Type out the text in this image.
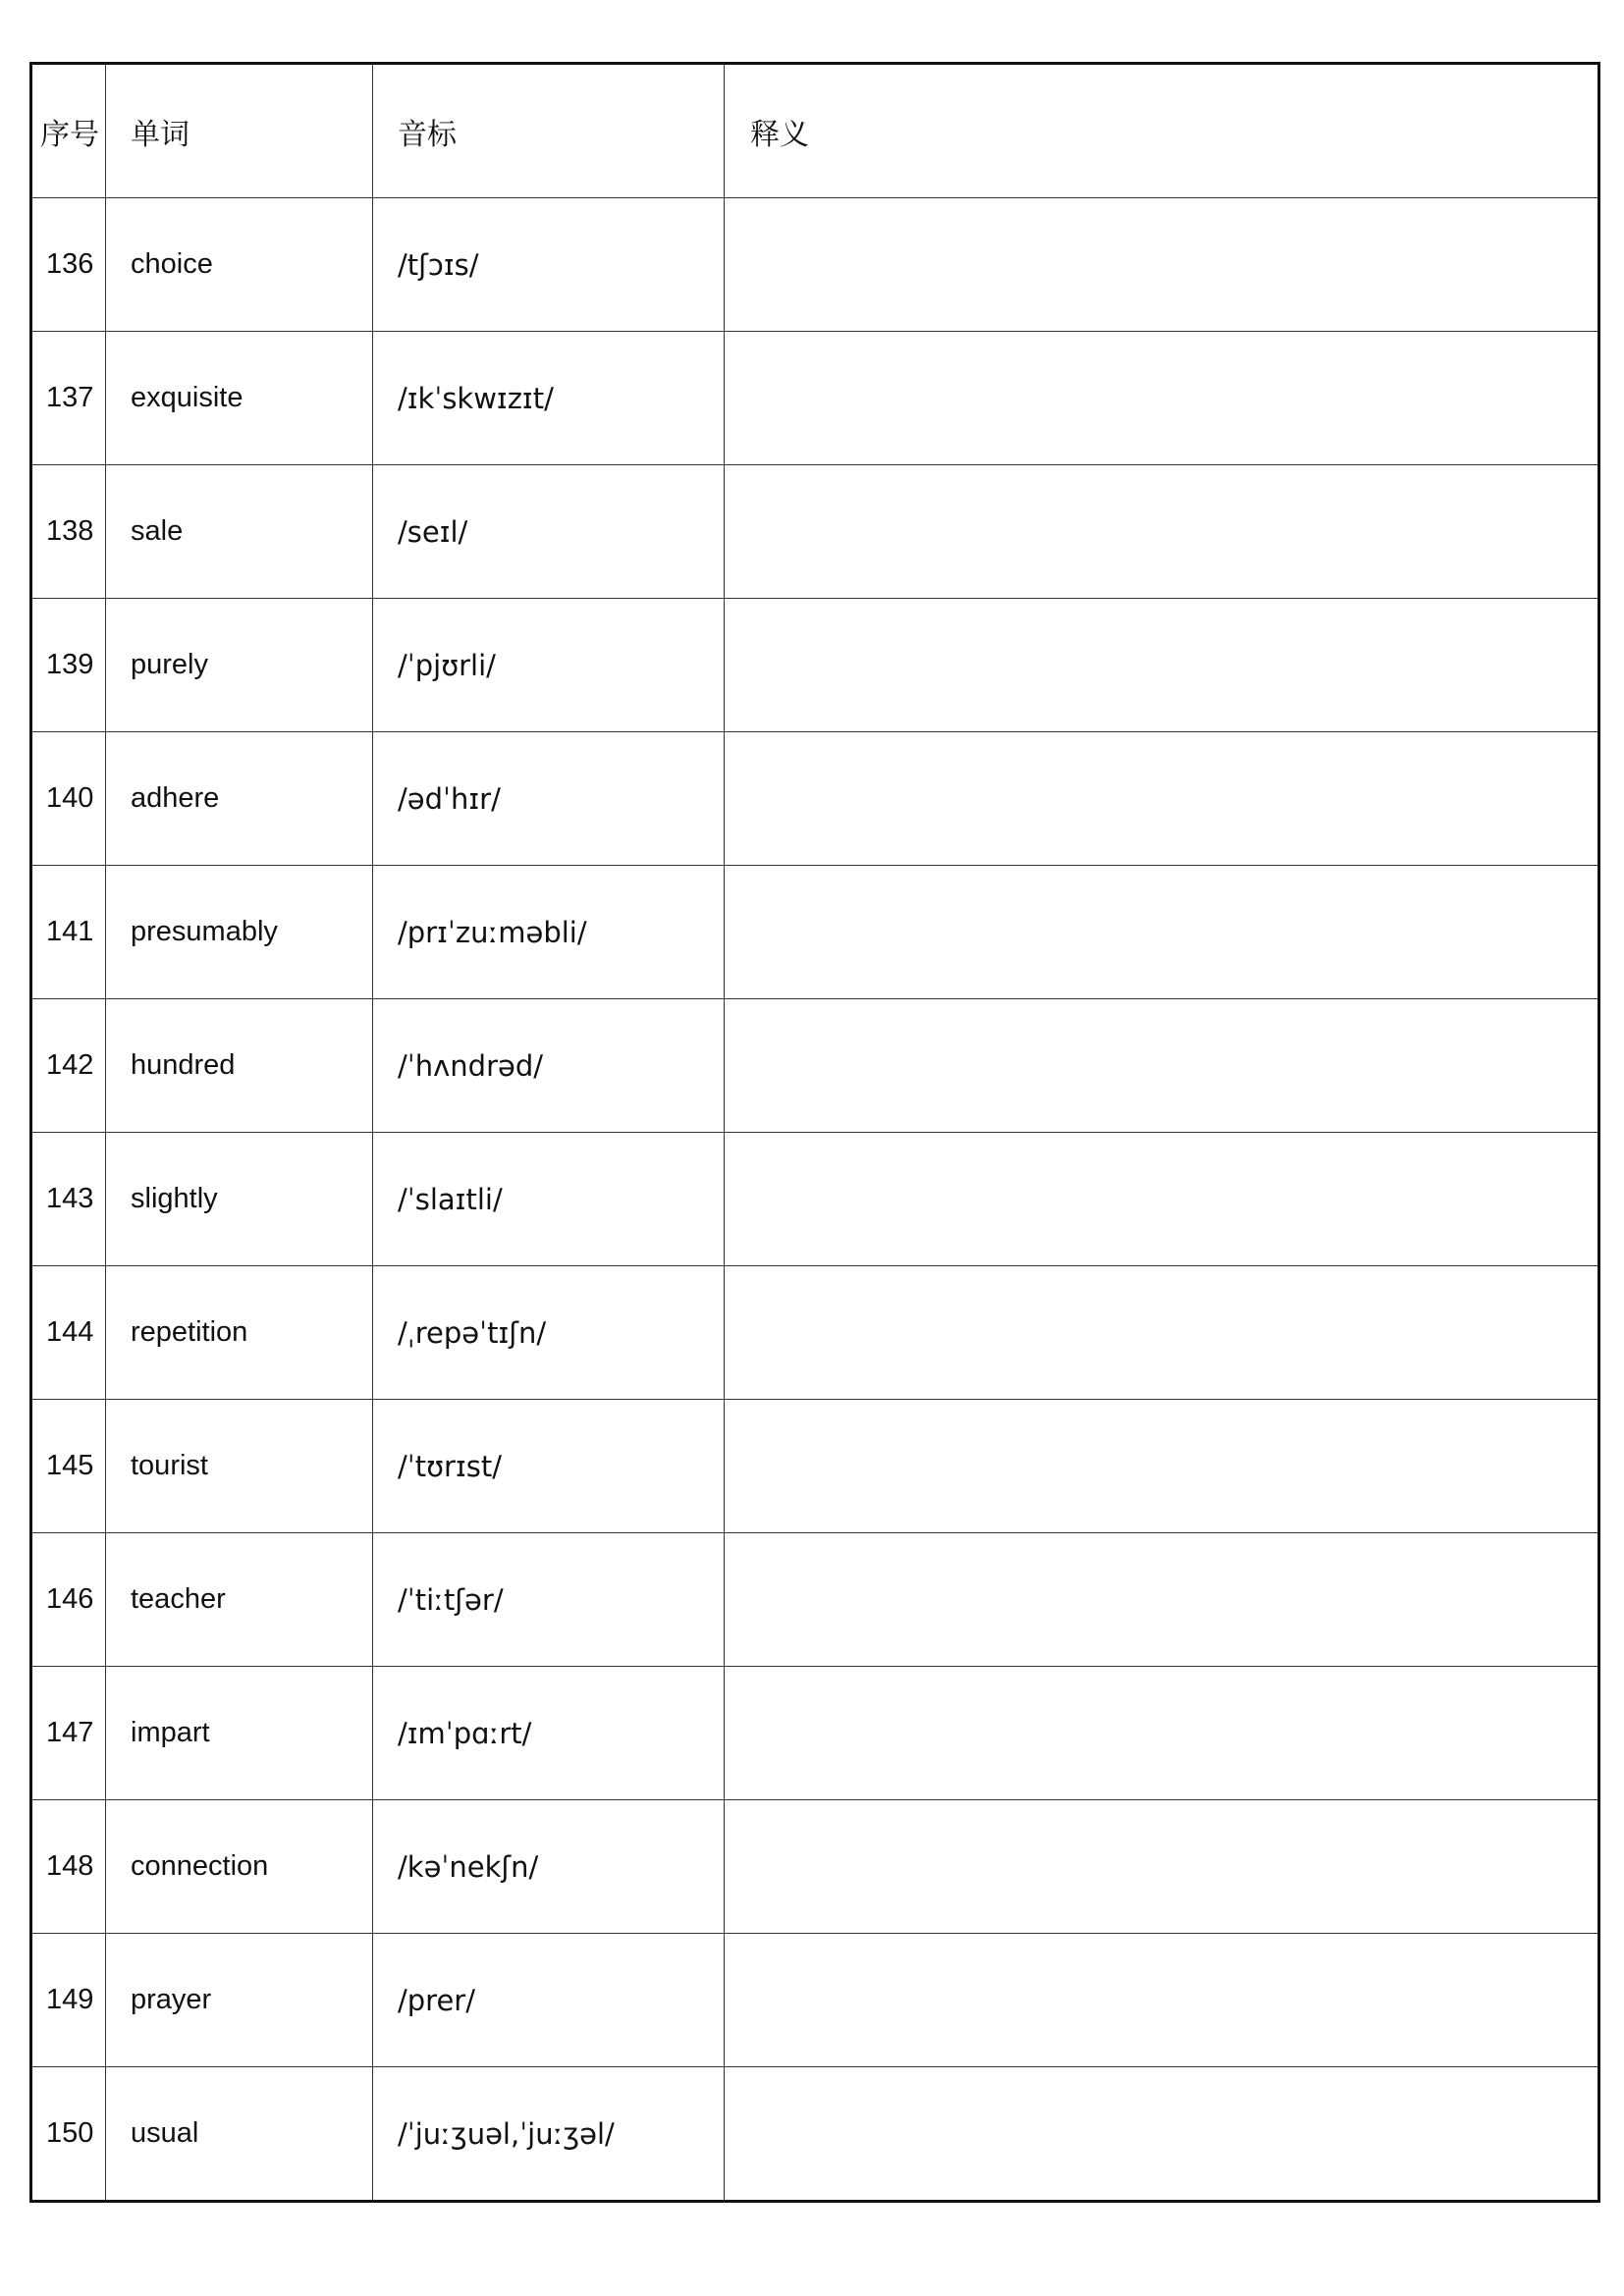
序号	单词	音标	释义
136	choice	/tʃɔɪs/	
137	exquisite	/ɪkˈskwɪzɪt/	
138	sale	/seɪl/	
139	purely	/ˈpjʊrli/	
140	adhere	/ədˈhɪr/	
141	presumably	/prɪˈzuːməbli/	
142	hundred	/ˈhʌndrəd/	
143	slightly	/ˈslaɪtli/	
144	repetition	/ˌrepəˈtɪʃn/	
145	tourist	/ˈtʊrɪst/	
146	teacher	/ˈtiːtʃər/	
147	impart	/ɪmˈpɑːrt/	
148	connection	/kəˈnekʃn/	
149	prayer	/prer/	
150	usual	/ˈjuːʒuəl,ˈjuːʒəl/	
